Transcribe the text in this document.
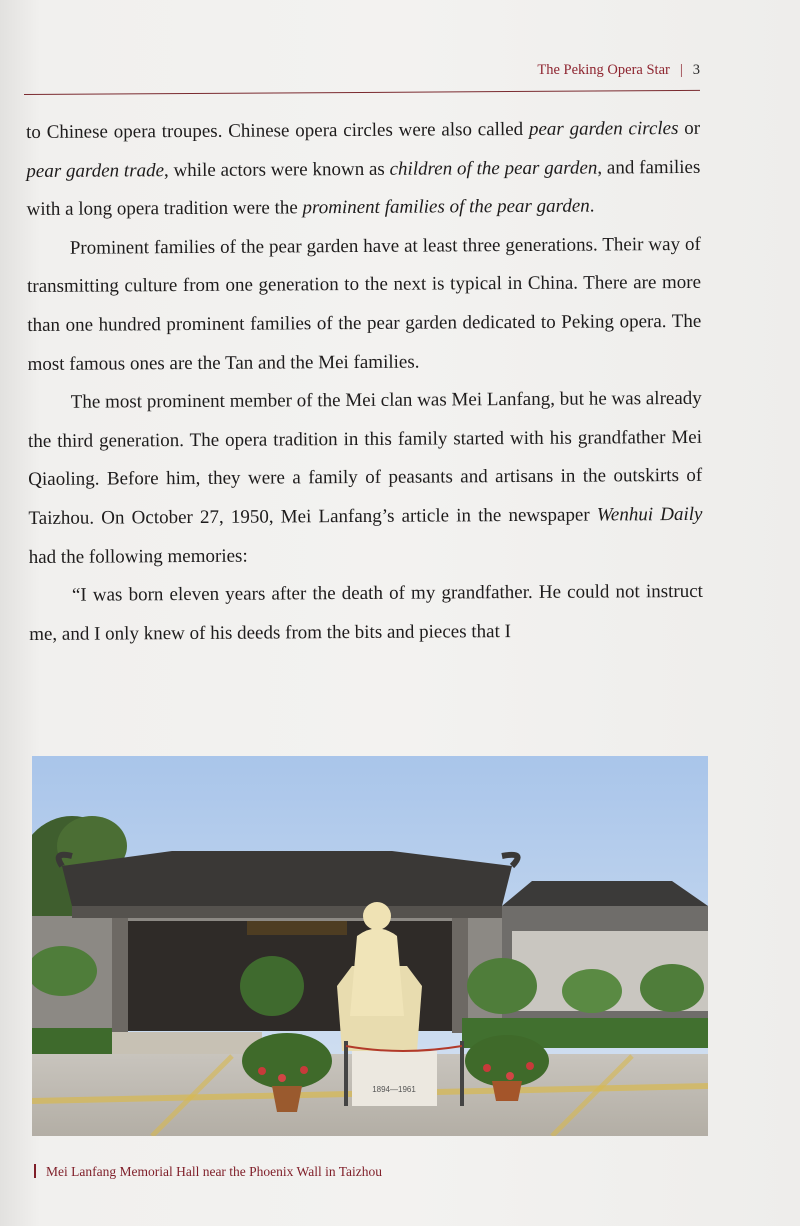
The Peking Opera Star | 3

to Chinese opera troupes. Chinese opera circles were also called pear garden circles or pear garden trade, while actors were known as children of the pear garden, and families with a long opera tradition were the prominent families of the pear garden.

Prominent families of the pear garden have at least three generations. Their way of transmitting culture from one generation to the next is typical in China. There are more than one hundred prominent families of the pear garden dedicated to Peking opera. The most famous ones are the Tan and the Mei families.

The most prominent member of the Mei clan was Mei Lanfang, but he was already the third generation. The opera tradition in this family started with his grandfather Mei Qiaoling. Before him, they were a family of peasants and artisans in the outskirts of Taizhou. On October 27, 1950, Mei Lanfang’s article in the newspaper Wenhui Daily had the following memories:

“I was born eleven years after the death of my grandfather. He could not instruct me, and I only knew of his deeds from the bits and pieces that I

1894—1961
Mei Lanfang Memorial Hall near the Phoenix Wall in Taizhou
